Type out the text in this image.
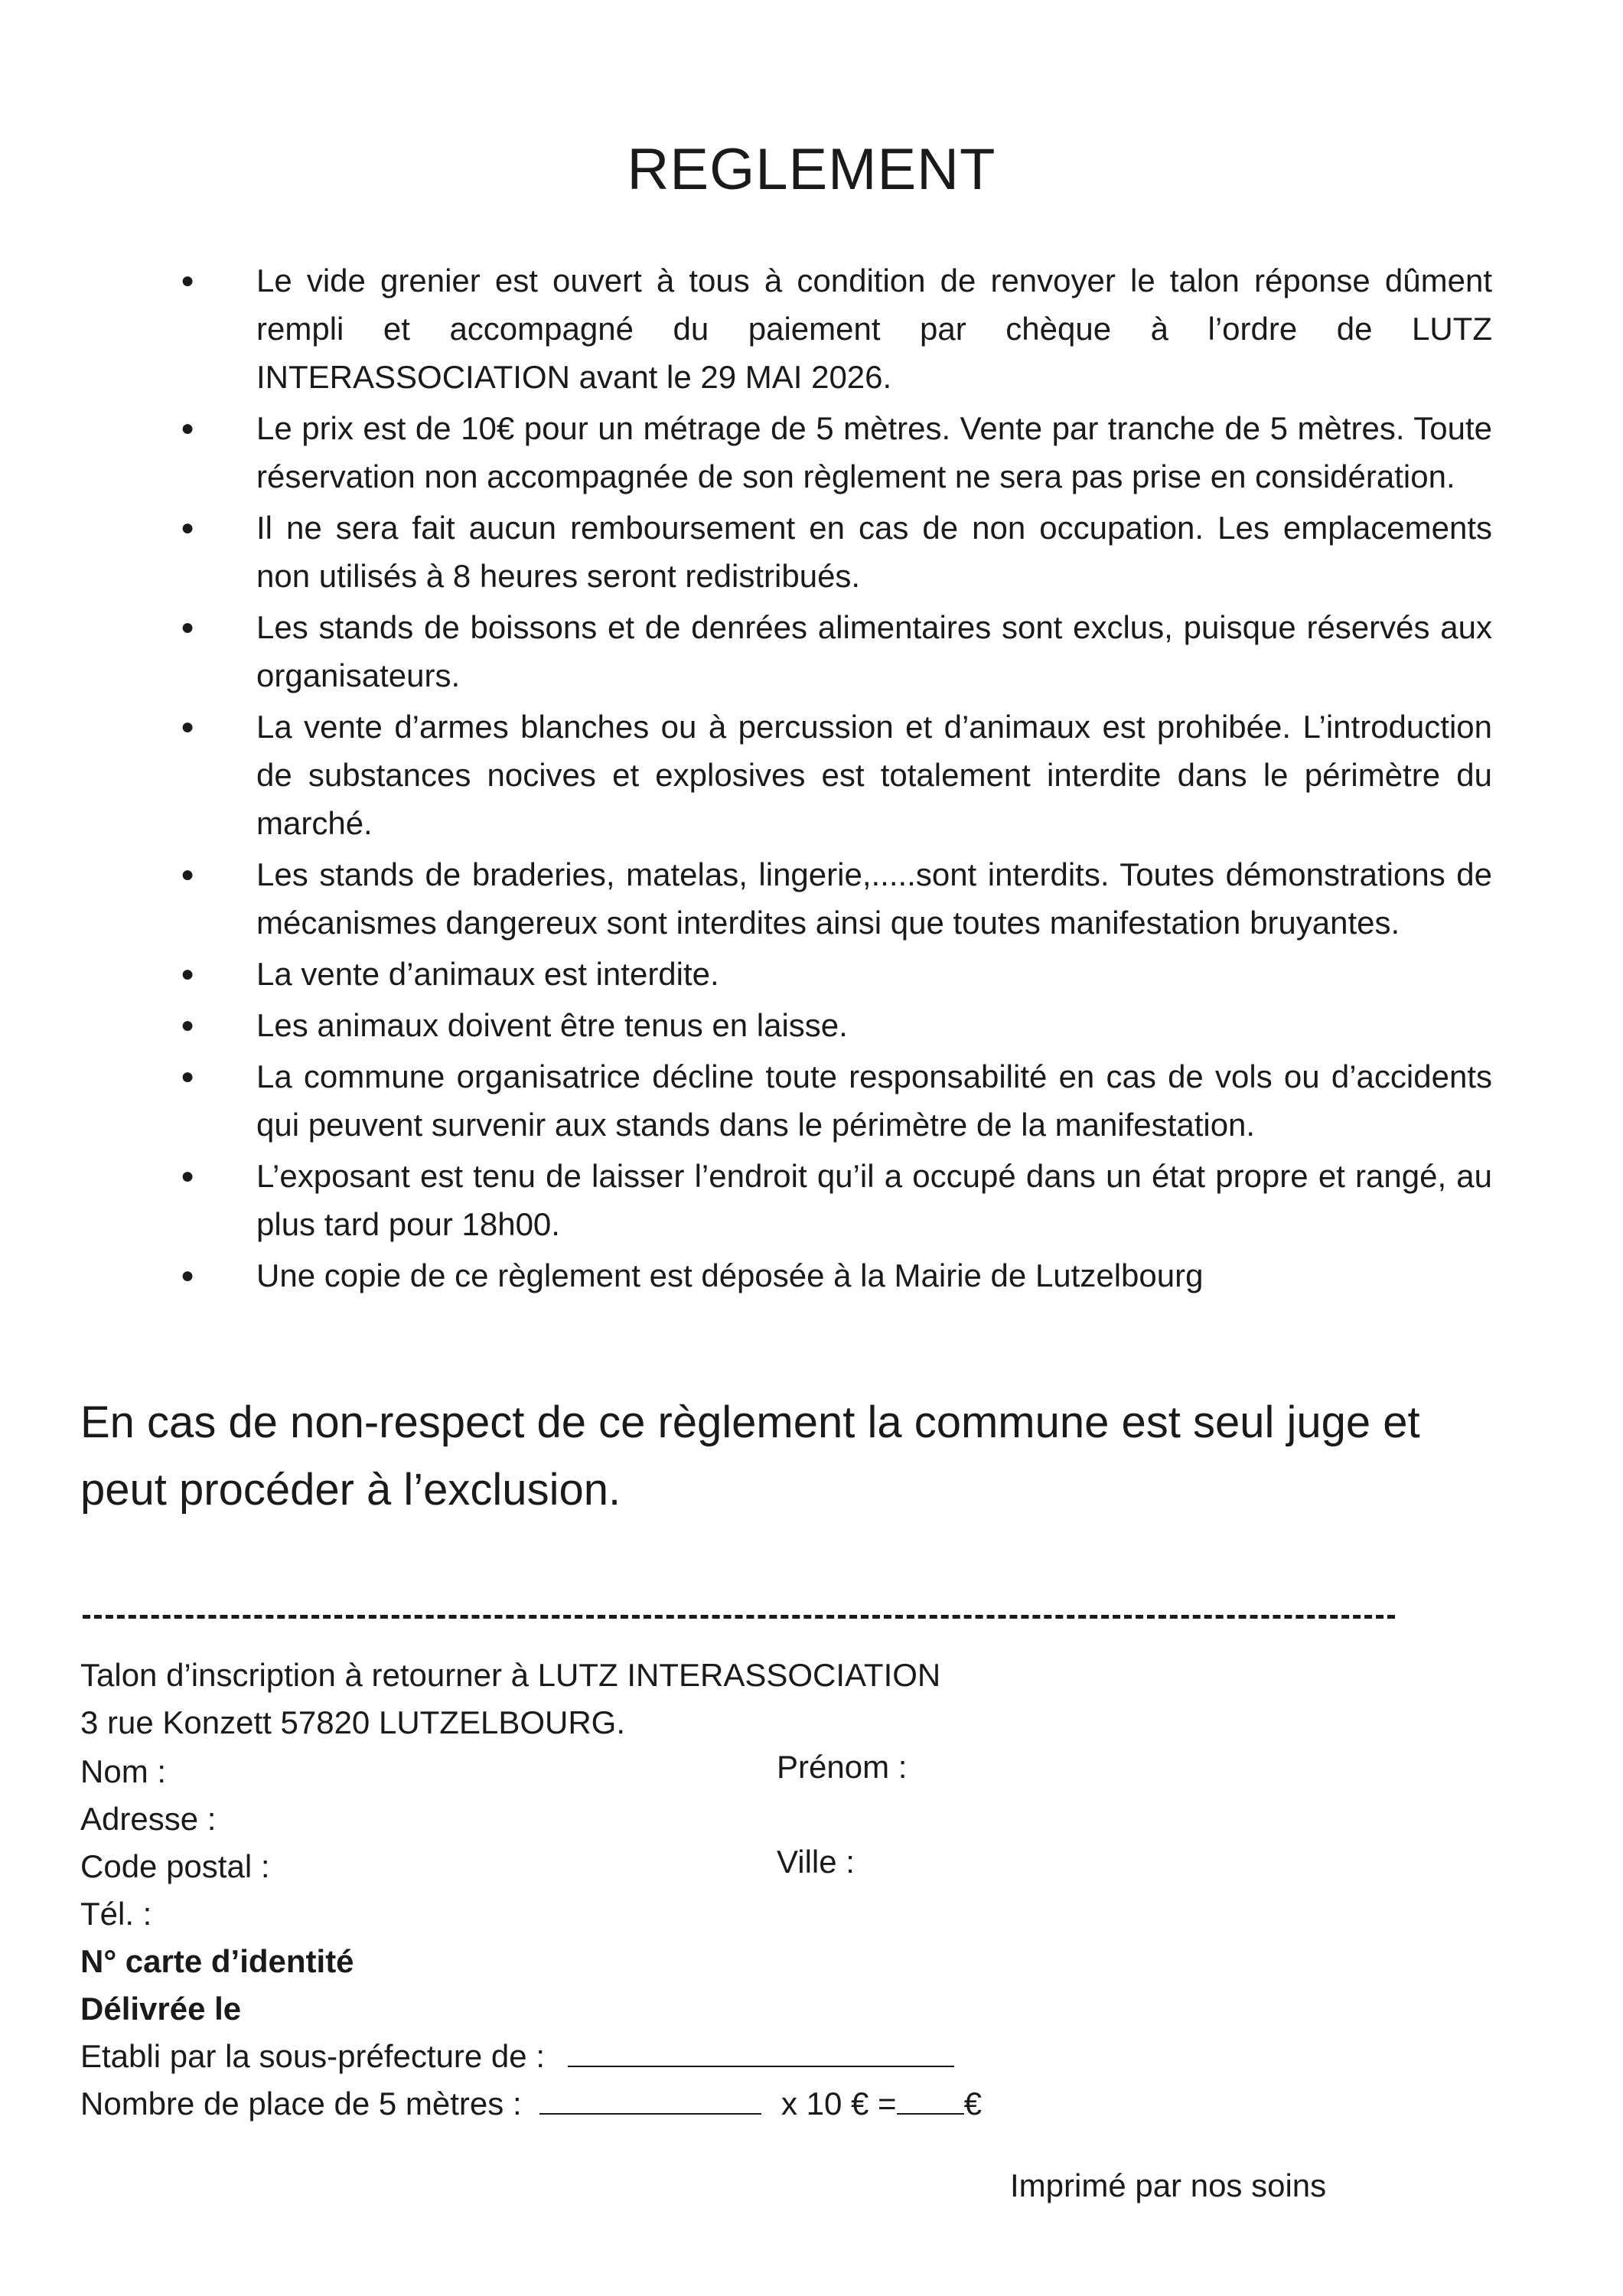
REGLEMENT
● Le vide grenier est ouvert à tous à condition de renvoyer le talon réponse dûment rempli et accompagné du paiement par chèque à l’ordre de LUTZ INTERASSOCIATION avant le 29 MAI 2026.
● Le prix est de 10€ pour un métrage de 5 mètres. Vente par tranche de 5 mètres. Toute réservation non accompagnée de son règlement ne sera pas prise en considération.
● Il ne sera fait aucun remboursement en cas de non occupation. Les emplacements non utilisés à 8 heures seront redistribués.
● Les stands de boissons et de denrées alimentaires sont exclus, puisque réservés aux organisateurs.
● La vente d’armes blanches ou à percussion et d’animaux est prohibée. L’introduction de substances nocives et explosives est totalement interdite dans le périmètre du marché.
● Les stands de braderies, matelas, lingerie,.....sont interdits. Toutes démonstrations de mécanismes dangereux sont interdites ainsi que toutes manifestation bruyantes.
● La vente d’animaux est interdite.
● Les animaux doivent être tenus en laisse.
● La commune organisatrice décline toute responsabilité en cas de vols ou d’accidents qui peuvent survenir aux stands dans le périmètre de la manifestation.
● L’exposant est tenu de laisser l’endroit qu’il a occupé dans un état propre et rangé, au plus tard pour 18h00.
● Une copie de ce règlement est déposée à la Mairie de Lutzelbourg

En cas de non-respect de ce règlement la commune est seul juge et peut procéder à l’exclusion.

Talon d’inscription à retourner à LUTZ INTERASSOCIATION
3 rue Konzett 57820 LUTZELBOURG.
Nom :	Prénom :
Adresse :
Code postal :	Ville :
Tél. :
N° carte d’identité
Délivrée le
Etabli par la sous-préfecture de :
Nombre de place de 5 mètres :	x 10 € = €
Imprimé par nos soins
